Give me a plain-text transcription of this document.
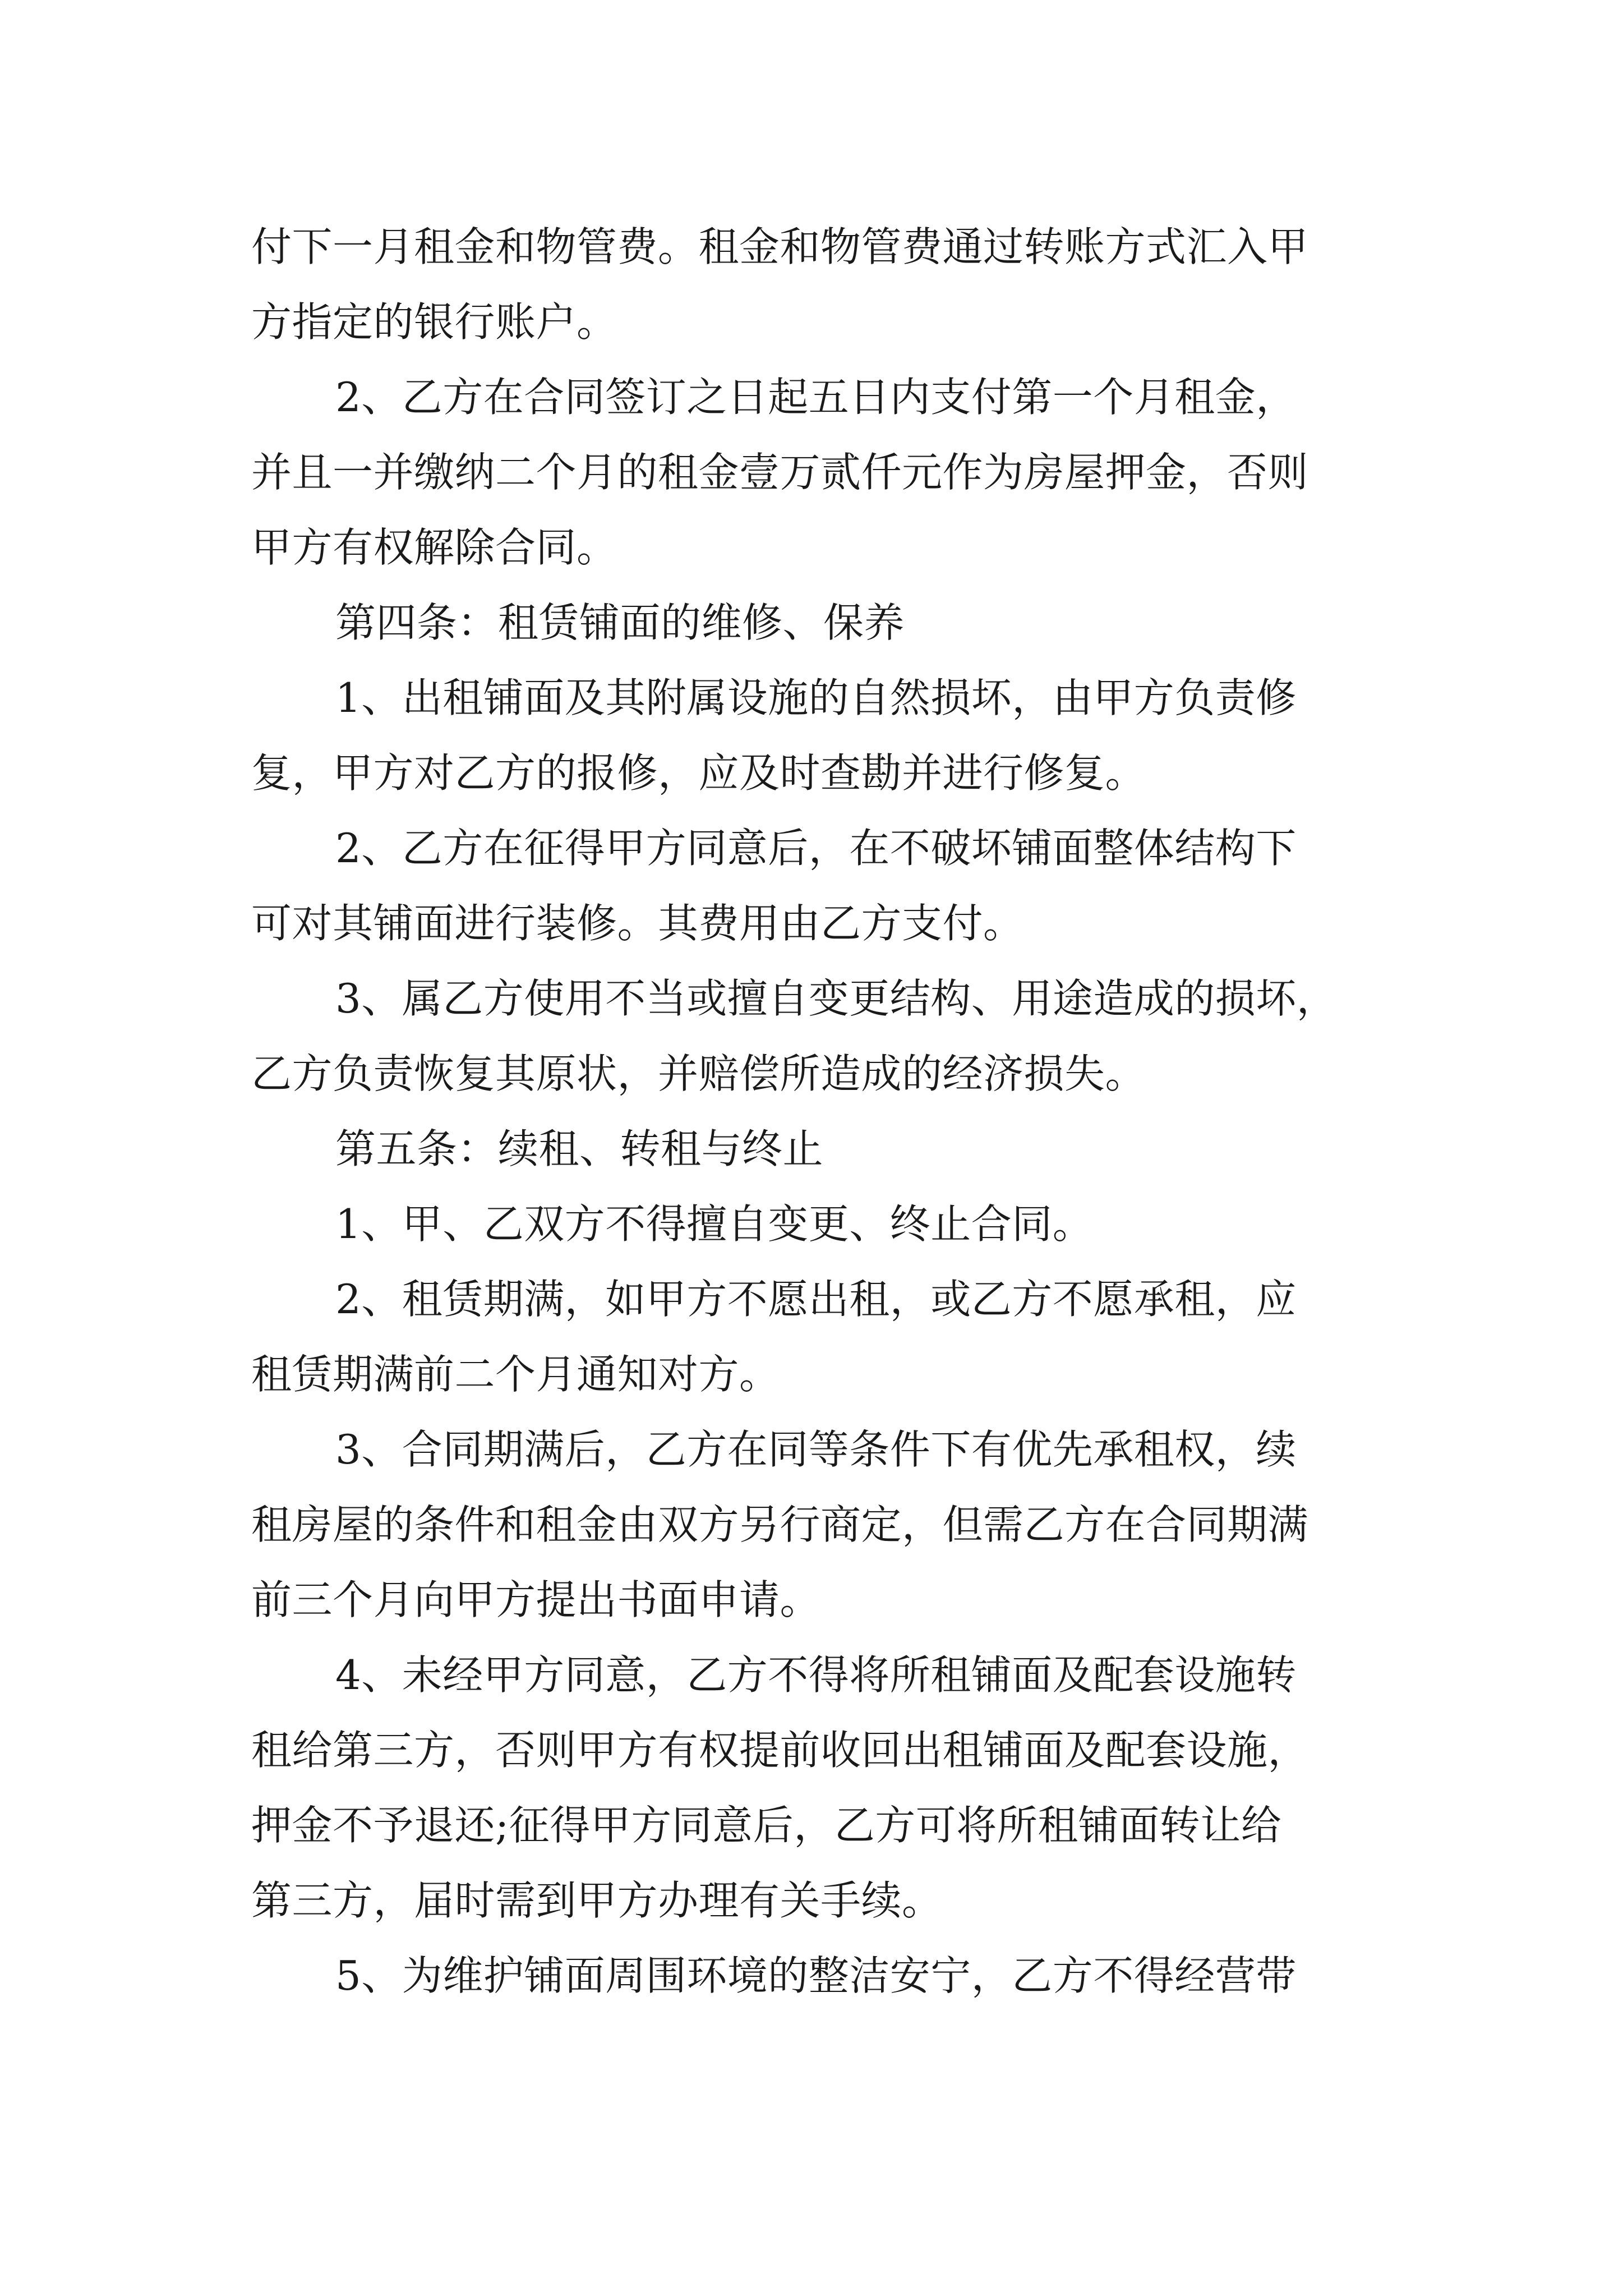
付下一月租金和物管费。租金和物管费通过转账方式汇入甲
方指定的银行账户。
2、乙方在合同签订之日起五日内支付第一个月租金，
并且一并缴纳二个月的租金壹万贰仟元作为房屋押金，否则
甲方有权解除合同。
第四条：租赁铺面的维修、保养
1、出租铺面及其附属设施的自然损坏，由甲方负责修
复，甲方对乙方的报修，应及时查勘并进行修复。
2、乙方在征得甲方同意后，在不破坏铺面整体结构下
可对其铺面进行装修。其费用由乙方支付。
3、属乙方使用不当或擅自变更结构、用途造成的损坏，
乙方负责恢复其原状，并赔偿所造成的经济损失。
第五条：续租、转租与终止
1、甲、乙双方不得擅自变更、终止合同。
2、租赁期满，如甲方不愿出租，或乙方不愿承租，应
租赁期满前二个月通知对方。
3、合同期满后，乙方在同等条件下有优先承租权，续
租房屋的条件和租金由双方另行商定，但需乙方在合同期满
前三个月向甲方提出书面申请。
4、未经甲方同意，乙方不得将所租铺面及配套设施转
租给第三方，否则甲方有权提前收回出租铺面及配套设施，
押金不予退还;征得甲方同意后，乙方可将所租铺面转让给
第三方，届时需到甲方办理有关手续。
5、为维护铺面周围环境的整洁安宁，乙方不得经营带
